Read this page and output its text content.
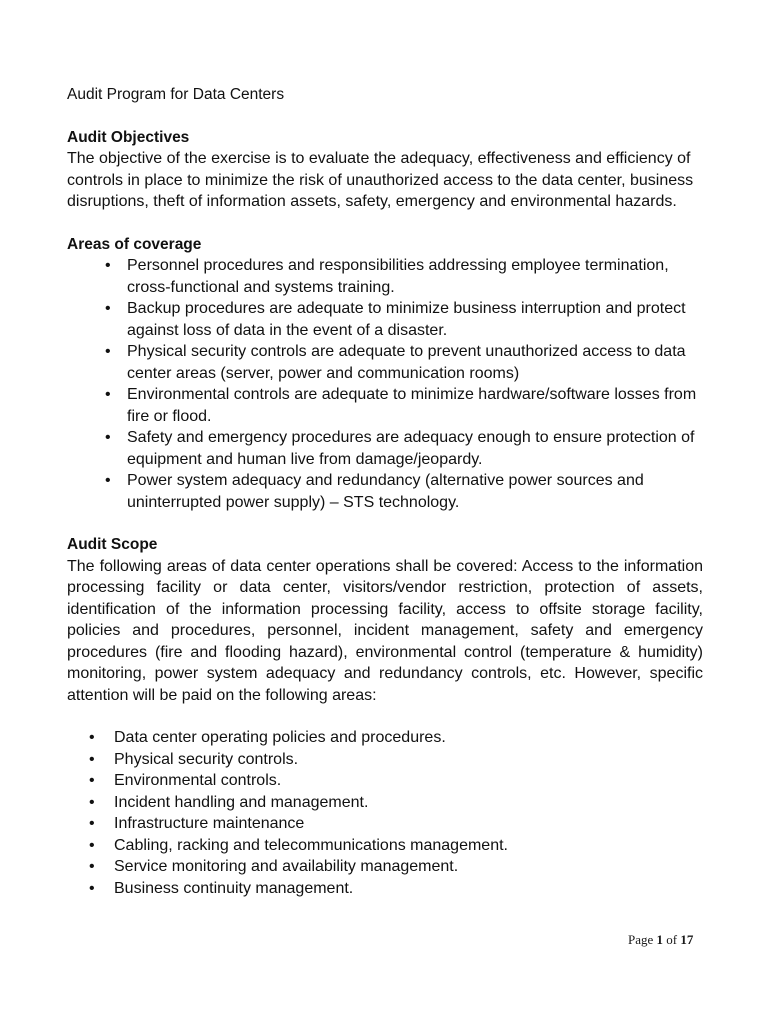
Audit Program for Data Centers

Audit Objectives

The objective of the exercise is to evaluate the adequacy, effectiveness and efficiency of controls in place to minimize the risk of unauthorized access to the data center, business disruptions, theft of information assets, safety, emergency and environmental hazards.

Areas of coverage

• Personnel procedures and responsibilities addressing employee termination, cross-functional and systems training.
• Backup procedures are adequate to minimize business interruption and protect against loss of data in the event of a disaster.
• Physical security controls are adequate to prevent unauthorized access to data center areas (server, power and communication rooms)
• Environmental controls are adequate to minimize hardware/software losses from fire or flood.
• Safety and emergency procedures are adequacy enough to ensure protection of equipment and human live from damage/jeopardy.
• Power system adequacy and redundancy (alternative power sources and uninterrupted power supply) – STS technology.

Audit Scope

The following areas of data center operations shall be covered: Access to the information processing facility or data center, visitors/vendor restriction, protection of assets, identification of the information processing facility, access to offsite storage facility, policies and procedures, personnel, incident management, safety and emergency procedures (fire and flooding hazard), environmental control (temperature & humidity) monitoring, power system adequacy and redundancy controls, etc. However, specific attention will be paid on the following areas:

• Data center operating policies and procedures.
• Physical security controls.
• Environmental controls.
• Incident handling and management.
• Infrastructure maintenance
• Cabling, racking and telecommunications management.
• Service monitoring and availability management.
• Business continuity management.
Page 1 of 17
